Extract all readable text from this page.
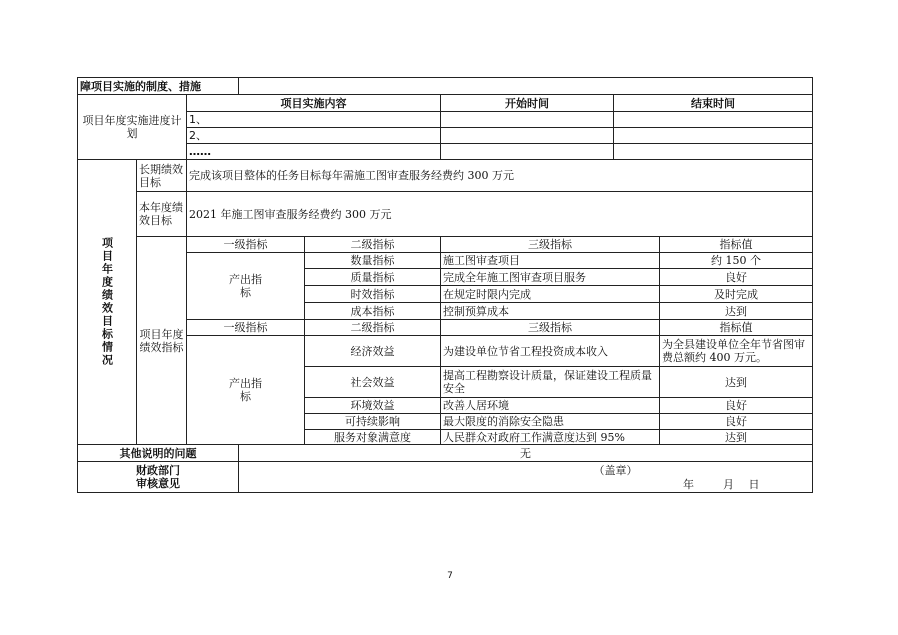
障项目实施的制度、措施
项目年度实施进度计划
项目实施内容	开始时间	结束时间
1、
2、
……
项目年度绩效目标情况
长期绩效目标	完成该项目整体的任务目标每年需施工图审查服务经费约 300 万元
本年度绩效目标	2021 年施工图审查服务经费约 300 万元
项目年度绩效指标
一级指标	二级指标	三级指标	指标值
产出指标
数量指标	施工图审查项目	约 150 个
质量指标	完成全年施工图审查项目服务	良好
时效指标	在规定时限内完成	及时完成
成本指标	控制预算成本	达到
一级指标	二级指标	三级指标	指标值
产出指标
经济效益	为建设单位节省工程投资成本收入	为全县建设单位全年节省图审费总额约 400 万元。
社会效益	提高工程勘察设计质量，保证建设工程质量安全	达到
环境效益	改善人居环境	良好
可持续影响	最大限度的消除安全隐患	良好
服务对象满意度	人民群众对政府工作满意度达到 95%	达到
其他说明的问题	无
财政部门
审核意见
（盖章）
年	月 日
7
